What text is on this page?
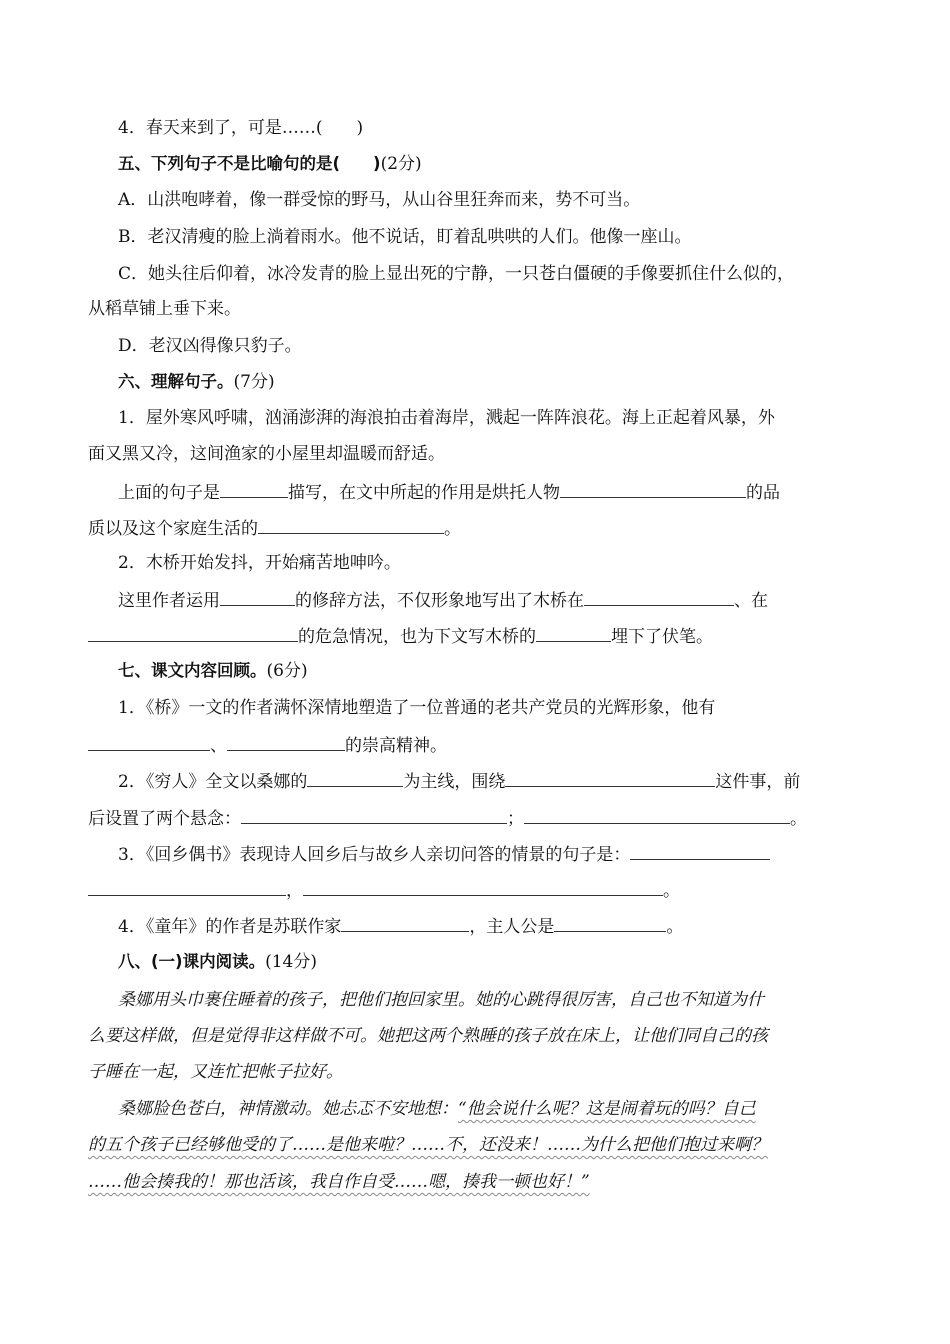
4．春天来到了，可是……(　　)
五、下列句子不是比喻句的是(　　)(2分)
A．山洪咆哮着，像一群受惊的野马，从山谷里狂奔而来，势不可当。
B．老汉清瘦的脸上淌着雨水。他不说话，盯着乱哄哄的人们。他像一座山。
C．她头往后仰着，冰冷发青的脸上显出死的宁静，一只苍白僵硬的手像要抓住什么似的，
从稻草铺上垂下来。
D．老汉凶得像只豹子。
六、理解句子。(7分)
1．屋外寒风呼啸，汹涌澎湃的海浪拍击着海岸，溅起一阵阵浪花。海上正起着风暴，外
面又黑又冷，这间渔家的小屋里却温暖而舒适。
上面的句子是	描写，在文中所起的作用是烘托人物	的品
质以及这个家庭生活的	。
2．木桥开始发抖，开始痛苦地呻吟。
这里作者运用	的修辞方法，不仅形象地写出了木桥在	、在
的危急情况，也为下文写木桥的	埋下了伏笔。
七、课文内容回顾。(6分)
1．《桥》一文的作者满怀深情地塑造了一位普通的老共产党员的光辉形象，他有
、	的崇高精神。
2．《穷人》全文以桑娜的	为主线，围绕	这件事，前
后设置了两个悬念：	；	。
3．《回乡偶书》表现诗人回乡后与故乡人亲切问答的情景的句子是：
，	。
4．《童年》的作者是苏联作家	，主人公是	。
八、(一)课内阅读。(14分)
桑娜用头巾裹住睡着的孩子，把他们抱回家里。她的心跳得很厉害，自己也不知道为什
么要这样做，但是觉得非这样做不可。她把这两个熟睡的孩子放在床上，让他们同自己的孩
子睡在一起，又连忙把帐子拉好。
桑娜脸色苍白，神情激动。她忐忑不安地想：“他会说什么呢？这是闹着玩的吗？自己
的五个孩子已经够他受的了……是他来啦？……不，还没来！……为什么把他们抱过来啊？
……他会揍我的！那也活该，我自作自受……嗯，揍我一顿也好！”
